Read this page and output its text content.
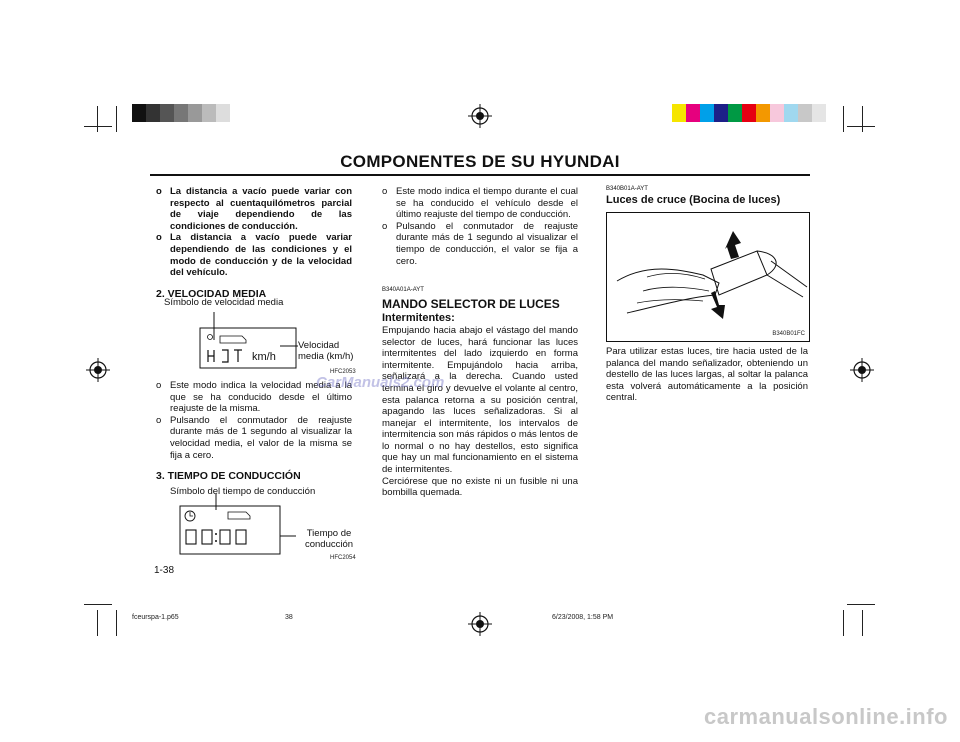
COMPONENTES DE SU HYUNDAI
o La distancia a vacío puede variar con respecto al cuentaquilómetros parcial de viaje dependiendo de las condiciones de conducción.
o La distancia a vacío puede variar dependiendo de las condiciones y el modo de conducción y de la velocidad del vehículo.
2. VELOCIDAD MEDIA
Símbolo de velocidad media
km/h
Velocidad media (km/h)
HFC2053
o Este modo indica la velocidad media a la que se ha conducido desde el último reajuste de la misma.
o Pulsando el conmutador de reajuste durante más de 1 segundo al visualizar la velocidad media, el valor de la misma se fija a cero.
3. TIEMPO DE CONDUCCIÓN
Símbolo del tiempo de conducción
Tiempo de conducción
HFC2054
1-38
o Este modo indica el tiempo durante el cual se ha conducido el vehículo desde el último reajuste del tiempo de conducción.
o Pulsando el conmutador de reajuste durante más de 1 segundo al visualizar el tiempo de conducción, el valor se fija a cero.
B340A01A-AYT
MANDO SELECTOR DE LUCES
Intermitentes:
Empujando hacia abajo el vástago del mando selector de luces, hará funcionar las luces intermitentes del lado izquierdo en forma intermitente. Empujándolo hacia arriba, señalizará a la derecha. Cuando usted termina el giro y devuelve el volante al centro, esta palanca retorna a su posición central, apagando las luces señalizadoras. Si al manejar el intermitente, los intervalos de intermitencia son más rápidos o más lentos de lo normal o no hay destellos, esto significa que hay un mal funcionamiento en el sistema de intermitentes.
Cerciórese que no existe ni un fusible ni una bombilla quemada.
CarManuals2.com
B340B01A-AYT
Luces de cruce (Bocina de luces)
B340B01FC
Para utilizar estas luces, tire hacia usted de la palanca del mando señalizador, obteniendo un destello de las luces largas, al soltar la palanca esta volverá automáticamente a la posición central.
fceurspa-1.p65	38	6/23/2008, 1:58 PM
carmanualsonline.info
